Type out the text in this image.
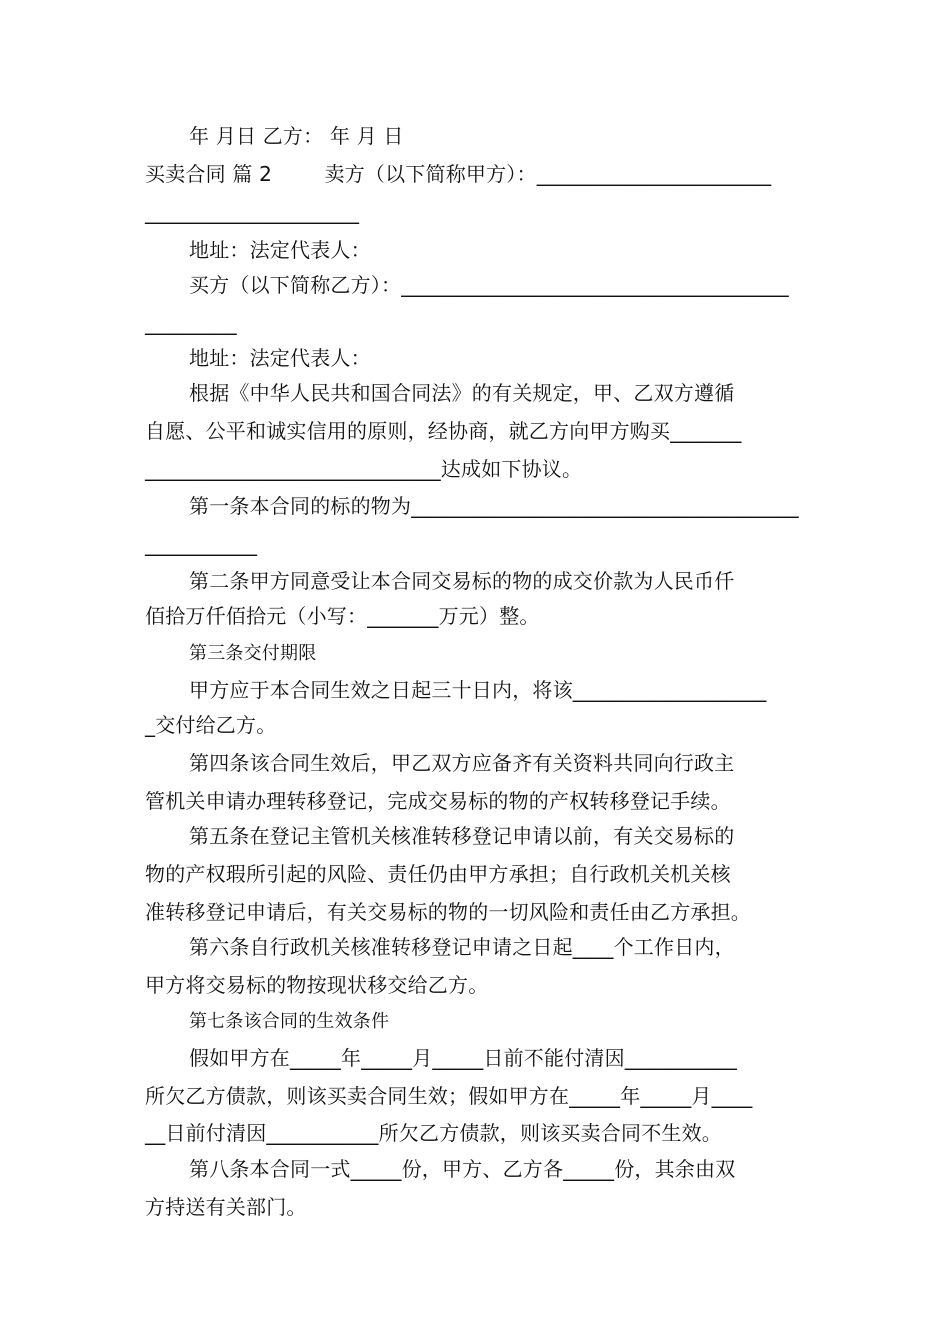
年 月日 乙方： 年 月 日
买卖合同 篇 2        卖方（以下简称甲方）：_______________________
_____________________
地址：法定代表人：
买方（以下简称乙方）：______________________________________
_________
地址：法定代表人：
根据《中华人民共和国合同法》的有关规定，甲、乙双方遵循
自愿、公平和诚实信用的原则，经协商，就乙方向甲方购买_______
_____________________________达成如下协议。
第一条本合同的标的物为______________________________________
___________
第二条甲方同意受让本合同交易标的物的成交价款为人民币仟
佰拾万仟佰拾元（小写：_______万元）整。
第三条交付期限
甲方应于本合同生效之日起三十日内，将该___________________
_交付给乙方。
第四条该合同生效后，甲乙双方应备齐有关资料共同向行政主
管机关申请办理转移登记，完成交易标的物的产权转移登记手续。
第五条在登记主管机关核准转移登记申请以前，有关交易标的
物的产权瑕所引起的风险、责任仍由甲方承担；自行政机关机关核
准转移登记申请后，有关交易标的物的一切风险和责任由乙方承担。
第六条自行政机关核准转移登记申请之日起____个工作日内，
甲方将交易标的物按现状移交给乙方。
第七条该合同的生效条件
假如甲方在_____年_____月_____日前不能付清因___________
所欠乙方债款，则该买卖合同生效；假如甲方在_____年_____月____
__日前付清因___________所欠乙方债款，则该买卖合同不生效。
第八条本合同一式_____份，甲方、乙方各_____份，其余由双
方持送有关部门。
